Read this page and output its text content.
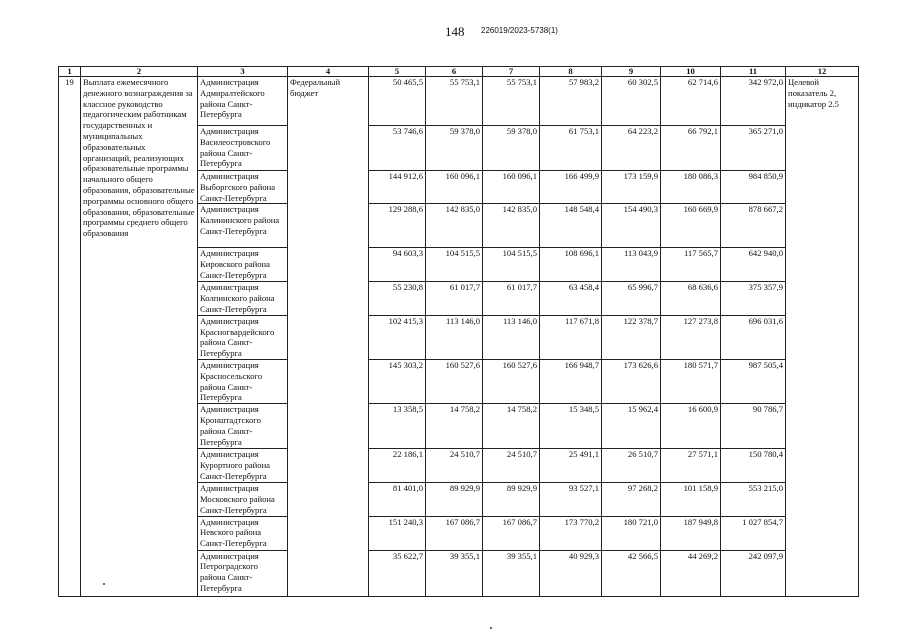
148 226019/2023-5738(1)
1	2	3	4	5	6	7	8	9	10	11	12
19	Выплата ежемесячного денежного вознаграждения за классное руководство педагогическим работникам государственных и муниципальных образовательных организаций, реализующих образовательные программы начального общего образования, образовательные программы основного общего образования, образовательные программы среднего общего образования	Администрация Адмиралтейского района Санкт-Петербурга	Федеральный бюджет	50 465,5	55 753,1	55 753,1	57 983,2	60 302,5	62 714,6	342 972,0	Целевой показатель 2, индикатор 2.5
		Администрация Василеостровского района Санкт-Петербурга		53 746,6	59 378,0	59 378,0	61 753,1	64 223,2	66 792,1	365 271,0	
		Администрация Выборгского района Санкт-Петербурга		144 912,6	160 096,1	160 096,1	166 499,9	173 159,9	180 086,3	984 850,9	
		Администрация Калининского района Санкт-Петербурга		129 288,6	142 835,0	142 835,0	148 548,4	154 490,3	160 669,9	878 667,2	
		Администрация Кировского района Санкт-Петербурга		94 603,3	104 515,5	104 515,5	108 696,1	113 043,9	117 565,7	642 940,0	
		Администрация Колпинского района Санкт-Петербурга		55 230,8	61 017,7	61 017,7	63 458,4	65 996,7	68 636,6	375 357,9	
		Администрация Красногвардейского района Санкт-Петербурга		102 415,3	113 146,0	113 146,0	117 671,8	122 378,7	127 273,8	696 031,6	
		Администрация Красносельского района Санкт-Петербурга		145 303,2	160 527,6	160 527,6	166 948,7	173 626,6	180 571,7	987 505,4	
		Администрация Кронштадтского района Санкт-Петербурга		13 358,5	14 758,2	14 758,2	15 348,5	15 962,4	16 600,9	90 786,7	
		Администрация Курортного района Санкт-Петербурга		22 186,1	24 510,7	24 510,7	25 491,1	26 510,7	27 571,1	150 780,4	
		Администрация Московского района Санкт-Петербурга		81 401,0	89 929,9	89 929,9	93 527,1	97 268,2	101 158,9	553 215,0	
		Администрация Невского района Санкт-Петербурга		151 240,3	167 086,7	167 086,7	173 770,2	180 721,0	187 949,8	1 027 854,7	
		Администрация Петроградского района Санкт-Петербурга		35 622,7	39 355,1	39 355,1	40 929,3	42 566,5	44 269,2	242 097,9	
